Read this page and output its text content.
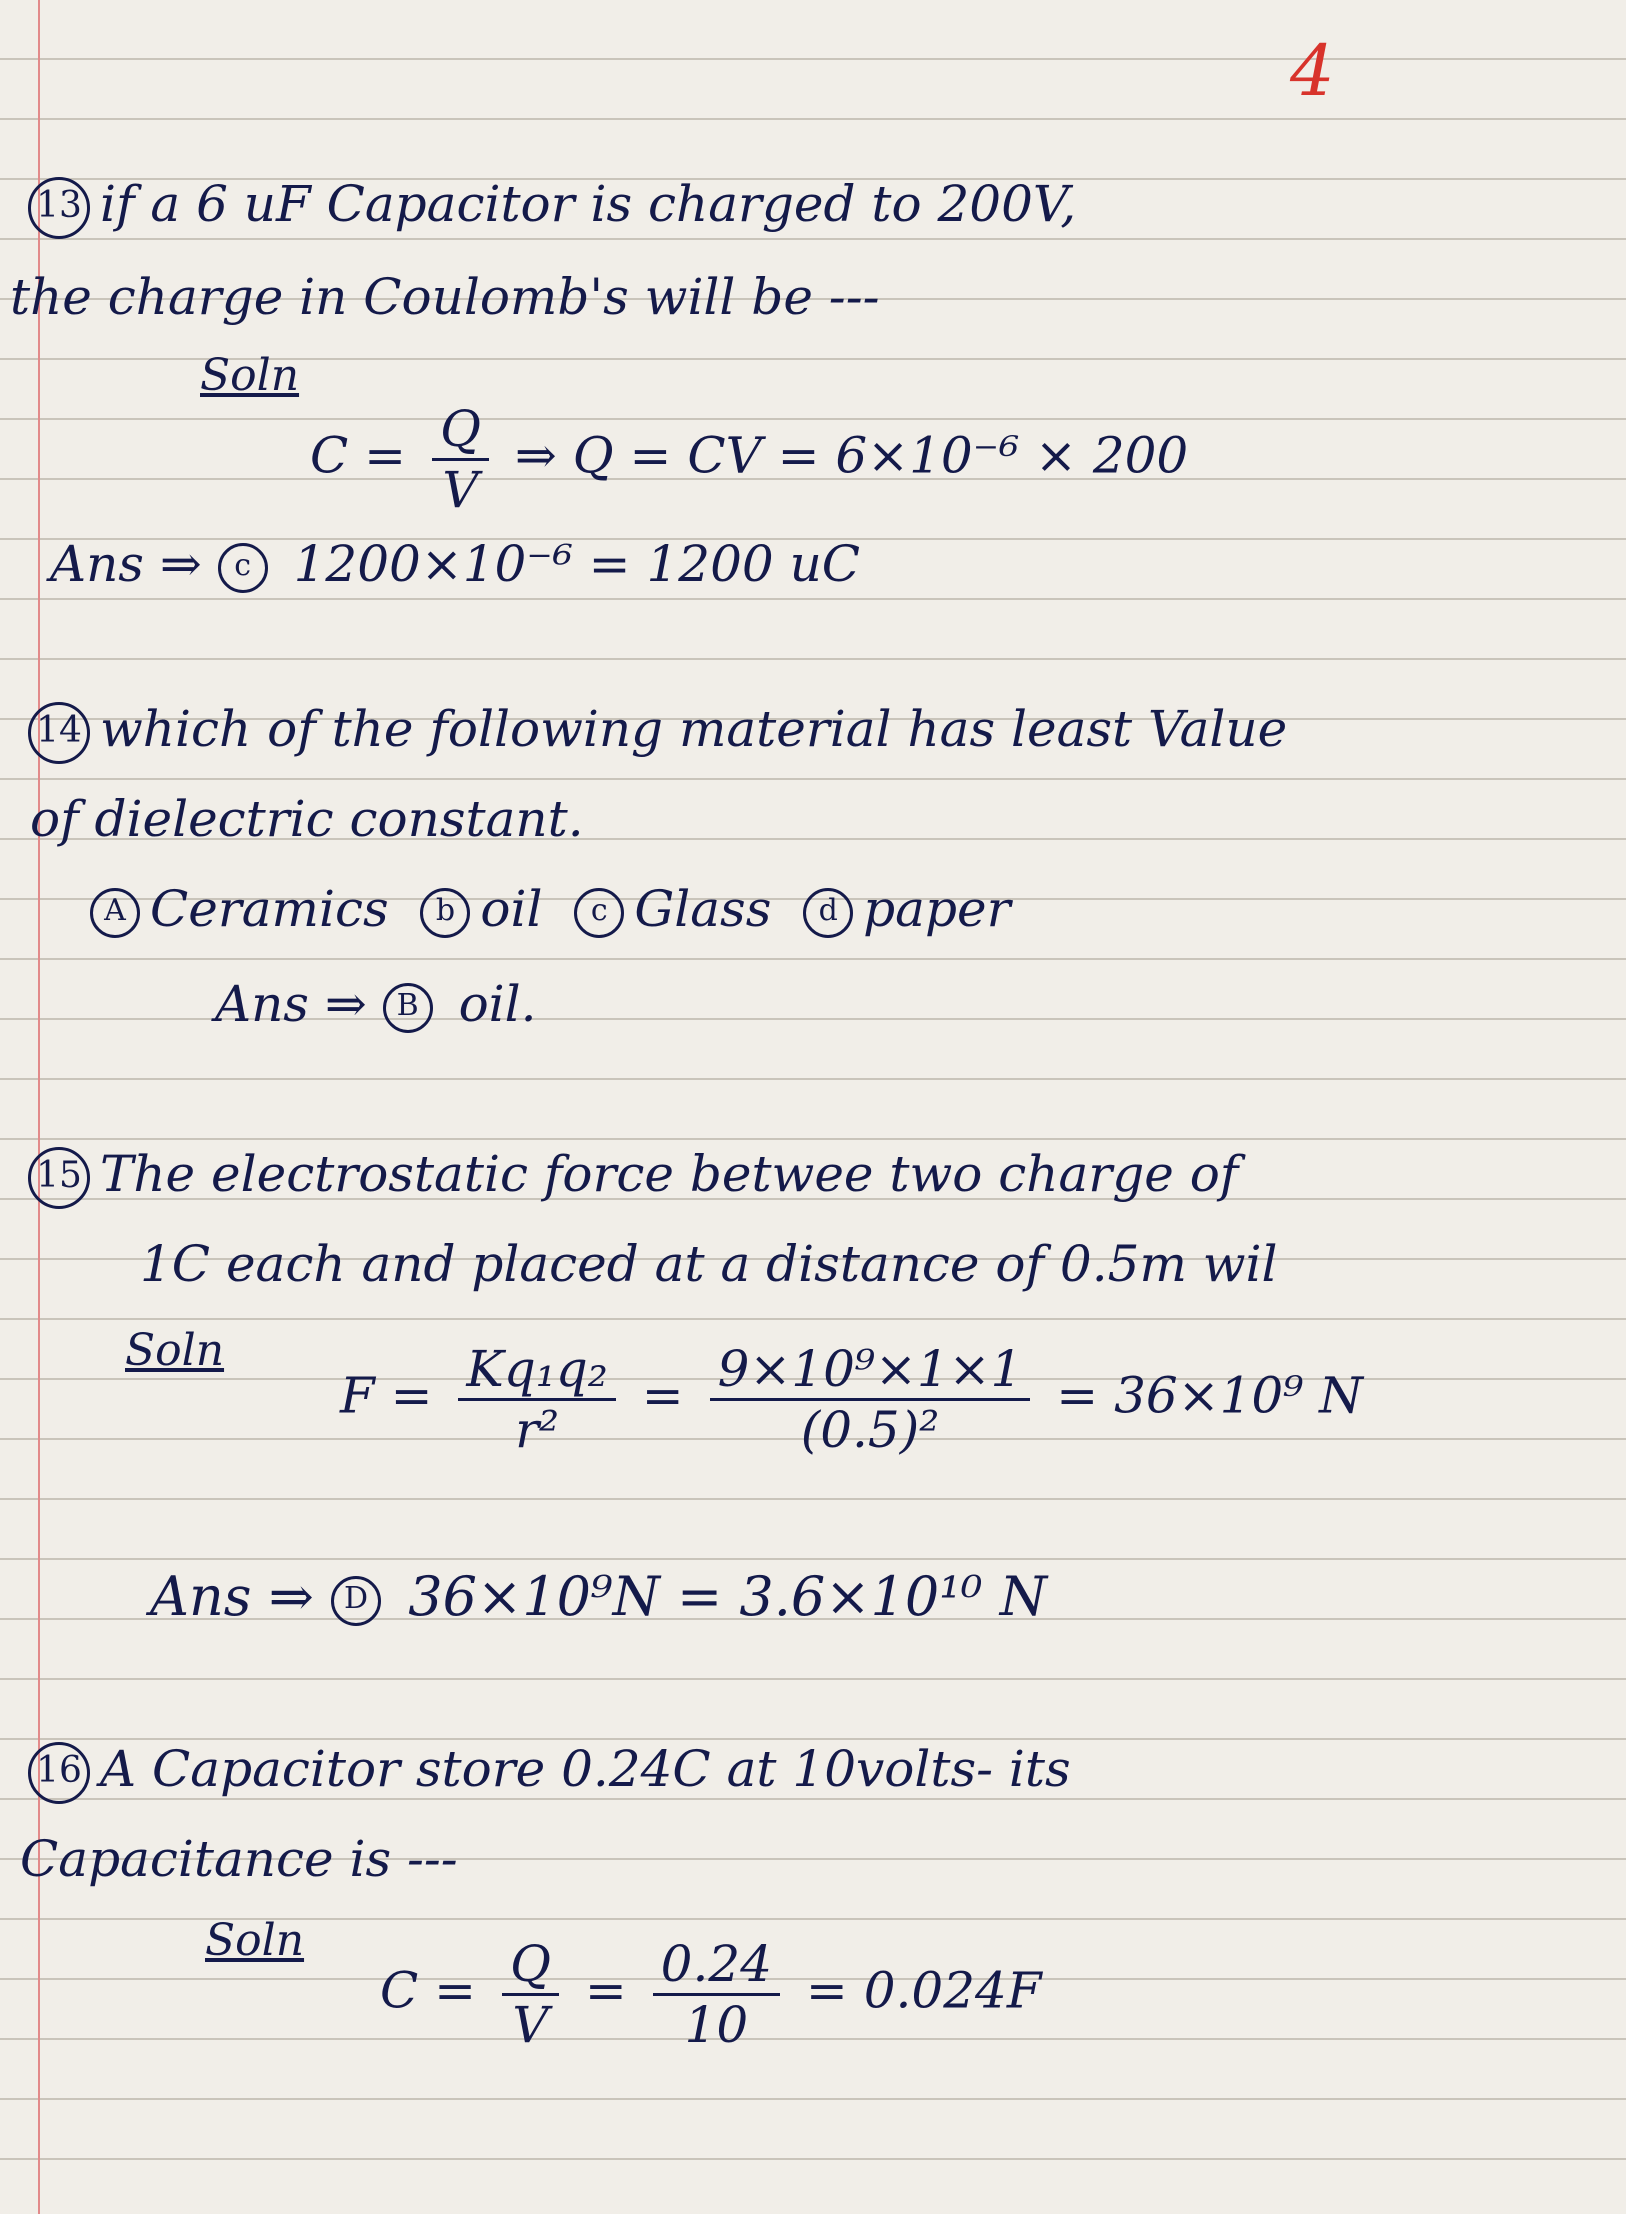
4
13 if a 6 uF Capacitor is charged to 200V,
the charge in Coulomb's will be ---
Soln
$C = \frac{Q}{V}$ ⇒ Q = CV = 6×10⁻⁶ × 200
Ans ⇒ c 1200×10⁻⁶ = 1200 uC
14 which of the following material has least Value
of dielectric constant.
A Ceramics b oil c Glass d paper
Ans ⇒ B oil.
15 The electrostatic force betwee two charge of
1C each and placed at a distance of 0.5m wil
Soln
$F = \frac{\text{Kq₁q₂}}{\text{r²}} = \frac{\text{9×10⁹×1×1}}{\text{(0.5)²}} = 36\times 10^9$ N
Ans ⇒ D 36×10⁹N = 3.6×10¹⁰ N
16 A Capacitor store 0.24C at 10volts- its
Capacitance is ---
Soln
$C = \frac{Q}{V} = \frac{0.24}{10} = 0.024F$
